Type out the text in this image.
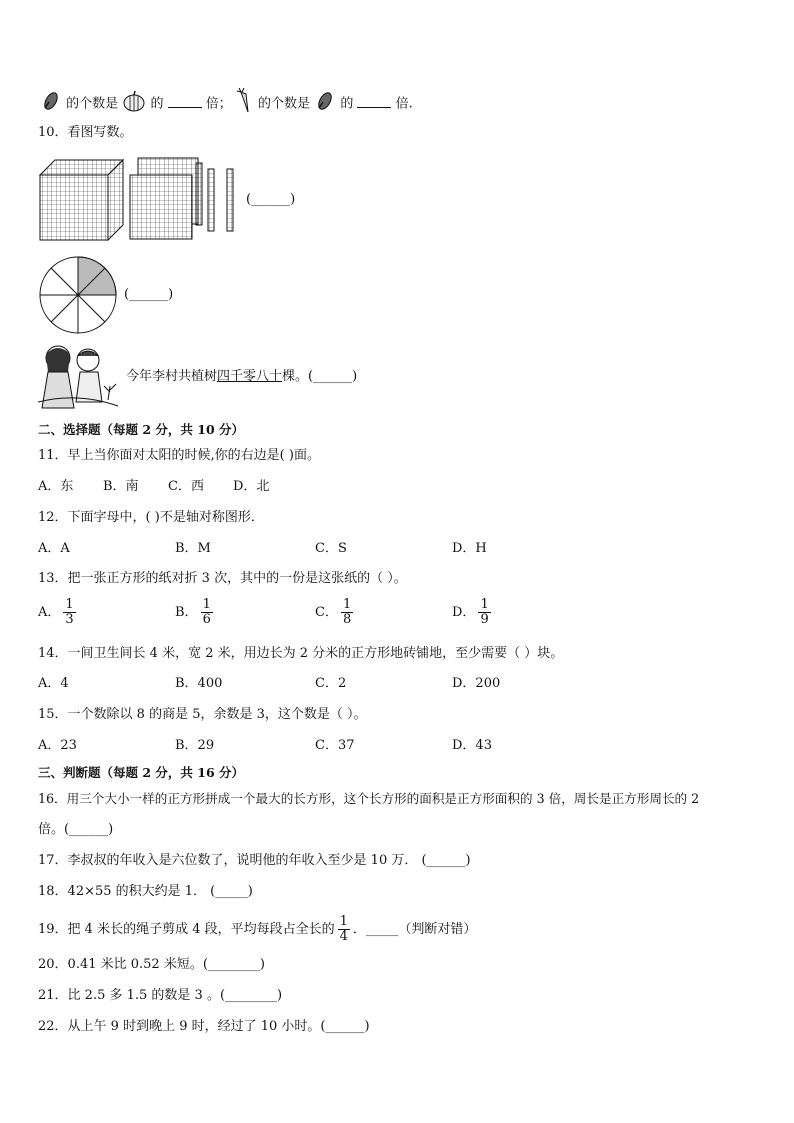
的个数是 的	倍； 的个数是 的	倍.
10．看图写数。
(______)
(______)
今年李村共植树四千零八十棵。(______)
二、选择题（每题 2 分，共 10 分）
11．早上当你面对太阳的时候,你的右边是( )面。
A．东 B．南 C．西 D．北
12．下面字母中，( )不是轴对称图形．
A．A	B．M	C．S	D．H
13．把一张正方形的纸对折 3 次，其中的一份是这张纸的（ ）。
A． $\frac{1}{3}$	B． $\frac{1}{6}$	C． $\frac{1}{8}$	D． $\frac{1}{9}$
14．一间卫生间长 4 米，宽 2 米，用边长为 2 分米的正方形地砖铺地，至少需要（ ）块。
A．4	B．400	C．2	D．200
15．一个数除以 8 的商是 5，余数是 3，这个数是（ ）。
A．23	B．29	C．37	D．43
三、判断题（每题 2 分，共 16 分）
16．用三个大小一样的正方形拼成一个最大的长方形，这个长方形的面积是正方形面积的 3 倍，周长是正方形周长的 2
倍。(______)
17．李叔叔的年收入是六位数了，说明他的年收入至少是 10 万． (______)
18．42×55 的积大约是 1． (_____)
19．把 4 米长的绳子剪成 4 段，平均每段占全长的 $\frac{1}{4}$ ．_____（判断对错）
20．0.41 米比 0.52 米短。(________)
21．比 2.5 多 1.5 的数是 3 。(________)
22．从上午 9 时到晚上 9 时，经过了 10 小时。(______)
